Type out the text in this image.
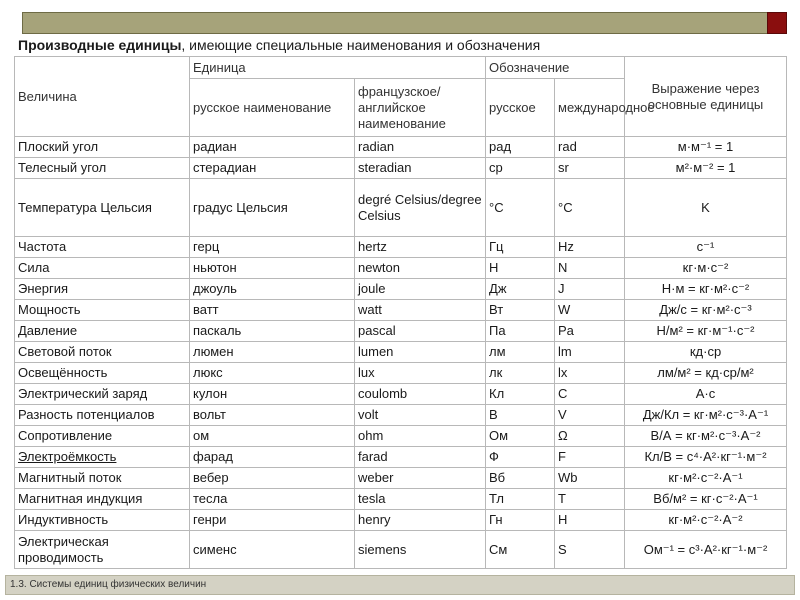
Производные единицы, имеющие специальные наименования и обозначения
Величина	Единица		Обозначение		Выражение через основные единицы
	русское наименование	французское/английское наименование	русское	международное	
Плоский угол	радиан	radian	рад	rad	м·м⁻¹ = 1
Телесный угол	стерадиан	steradian	ср	sr	м²·м⁻² = 1
Температура Цельсия	градус Цельсия	degré Celsius/degree Celsius	°C	°C	K
Частота	герц	hertz	Гц	Hz	с⁻¹
Сила	ньютон	newton	Н	N	кг·м·с⁻²
Энергия	джоуль	joule	Дж	J	Н·м = кг·м²·с⁻²
Мощность	ватт	watt	Вт	W	Дж/с = кг·м²·с⁻³
Давление	паскаль	pascal	Па	Pa	Н/м² = кг·м⁻¹·с⁻²
Световой поток	люмен	lumen	лм	lm	кд·ср
Освещённость	люкс	lux	лк	lx	лм/м² = кд·ср/м²
Электрический заряд	кулон	coulomb	Кл	C	А·с
Разность потенциалов	вольт	volt	В	V	Дж/Кл = кг·м²·с⁻³·А⁻¹
Сопротивление	ом	ohm	Ом	Ω	В/А = кг·м²·с⁻³·А⁻²
Электроёмкость	фарад	farad	Ф	F	Кл/В = с⁴·А²·кг⁻¹·м⁻²
Магнитный поток	вебер	weber	Вб	Wb	кг·м²·с⁻²·А⁻¹
Магнитная индукция	тесла	tesla	Тл	T	Вб/м² = кг·с⁻²·А⁻¹
Индуктивность	генри	henry	Гн	H	кг·м²·с⁻²·А⁻²
Электрическая проводимость	сименс	siemens	См	S	Ом⁻¹ = с³·А²·кг⁻¹·м⁻²
1.3. Системы единиц физических величин
